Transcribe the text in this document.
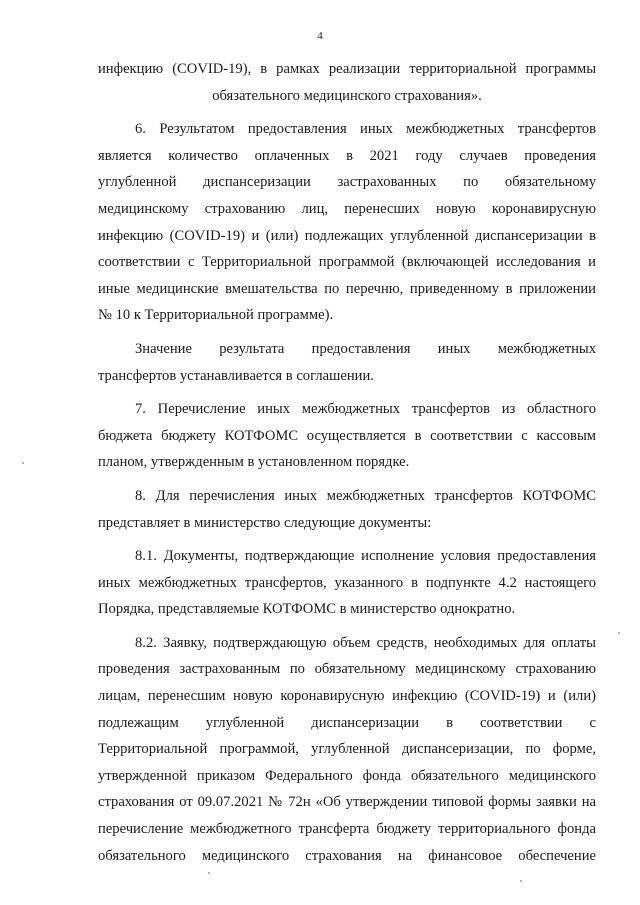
4
инфекцию (COVID-19), в рамках реализации территориальной программы
обязательного медицинского страхования».
6. Результатом предоставления иных межбюджетных трансфертов
является количество оплаченных в 2021 году случаев проведения
углубленной диспансеризации застрахованных по обязательному
медицинскому страхованию лиц, перенесших новую коронавирусную
инфекцию (COVID-19) и (или) подлежащих углубленной диспансеризации в
соответствии с Территориальной программой (включающей исследования и
иные медицинские вмешательства по перечню, приведенному в приложении
№ 10 к Территориальной программе).
Значение результата предоставления иных межбюджетных
трансфертов устанавливается в соглашении.
7. Перечисление иных межбюджетных трансфертов из областного
бюджета бюджету КОТФОМС осуществляется в соответствии с кассовым
планом, утвержденным в установленном порядке.
8. Для перечисления иных межбюджетных трансфертов КОТФОМС
представляет в министерство следующие документы:
8.1. Документы, подтверждающие исполнение условия предоставления
иных межбюджетных трансфертов, указанного в подпункте 4.2 настоящего
Порядка, представляемые КОТФОМС в министерство однократно.
8.2. Заявку, подтверждающую объем средств, необходимых для оплаты
проведения застрахованным по обязательному медицинскому страхованию
лицам, перенесшим новую коронавирусную инфекцию (COVID-19) и (или)
подлежащим углубленной диспансеризации в соответствии с
Территориальной программой, углубленной диспансеризации, по форме,
утвержденной приказом Федерального фонда обязательного медицинского
страхования от 09.07.2021 № 72н «Об утверждении типовой формы заявки на
перечисление межбюджетного трансферта бюджету территориального фонда
обязательного медицинского страхования на финансовое обеспечение
